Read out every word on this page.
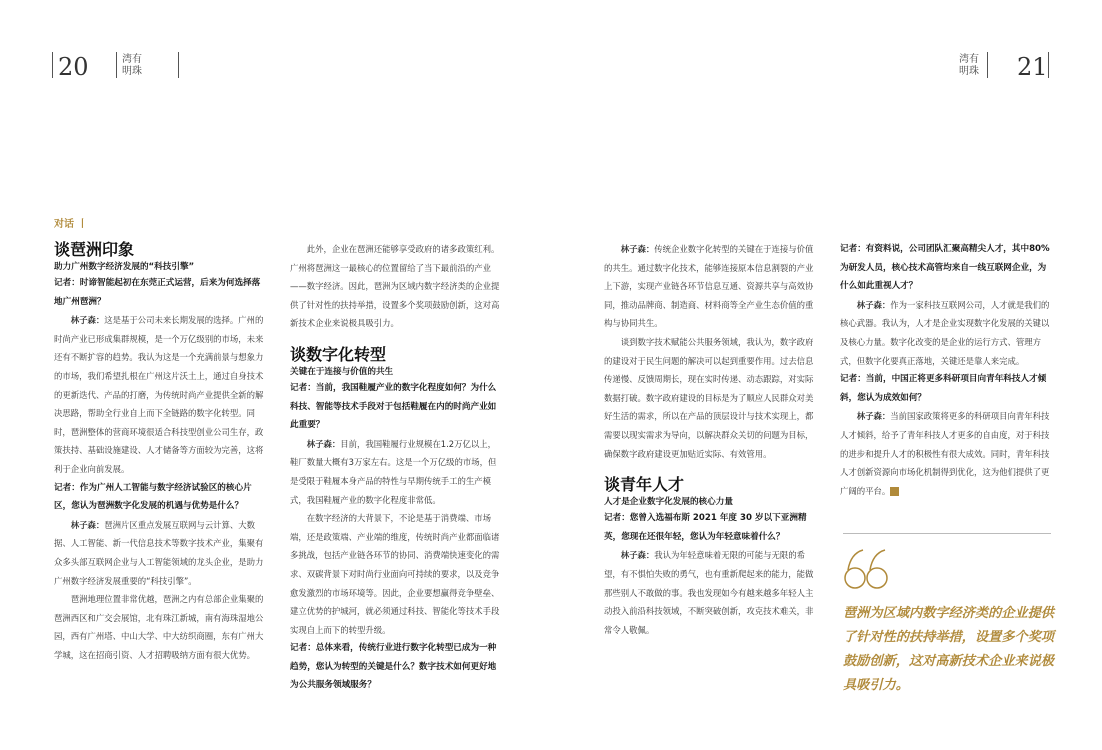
20	湾有
明珠
湾有
明珠 21
对话 丨
谈琶洲印象

助力广州数字经济发展的“科技引擎”

记者：时谛智能起初在东莞正式运营，后来为何选择落地广州琶洲？

林子森：这是基于公司未来长期发展的选择。广州的时尚产业已形成集群规模，是一个万亿级别的市场，未来还有不断扩容的趋势。我认为这是一个充满前景与想象力的市场，我们希望扎根在广州这片沃土上，通过自身技术的更新迭代、产品的打磨，为传统时尚产业提供全新的解决思路，帮助全行业自上而下全链路的数字化转型。同时，琶洲整体的营商环境很适合科技型创业公司生存，政策扶持、基础设施建设、人才储备等方面较为完善，这将利于企业向前发展。

记者：作为广州人工智能与数字经济试验区的核心片区，您认为琶洲数字化发展的机遇与优势是什么？

林子森：琶洲片区重点发展互联网与云计算、大数据、人工智能、新一代信息技术等数字技术产业，集聚有众多头部互联网企业与人工智能领域的龙头企业，是助力广州数字经济发展重要的“科技引擎”。

琶洲地理位置非常优越，琶洲之内有总部企业集聚的琶洲西区和广交会展馆，北有珠江新城，南有海珠湿地公园，西有广州塔、中山大学、中大纺织商圈，东有广州大学城，这在招商引资、人才招聘吸纳方面有很大优势。

此外，企业在琶洲还能够享受政府的诸多政策红利。广州将琶洲这一最核心的位置留给了当下最前沿的产业——数字经济。因此，琶洲为区域内数字经济类的企业提供了针对性的扶持举措，设置多个奖项鼓励创新，这对高新技术企业来说极具吸引力。

谈数字化转型

关键在于连接与价值的共生

记者：当前，我国鞋履产业的数字化程度如何？为什么科技、智能等技术手段对于包括鞋履在内的时尚产业如此重要？

林子森：目前，我国鞋履行业规模在1.2万亿以上，鞋厂数量大概有3万家左右。这是一个万亿级的市场，但是受限于鞋履本身产品的特性与早期传统手工的生产模式，我国鞋履产业的数字化程度非常低。

在数字经济的大背景下，不论是基于消费端、市场端，还是政策端、产业端的维度，传统时尚产业都面临诸多挑战，包括产业链各环节的协同、消费端快速变化的需求、双碳背景下对时尚行业面向可持续的要求，以及竞争愈发激烈的市场环境等。因此，企业要想赢得竞争壁垒、建立优势的护城河，就必须通过科技、智能化等技术手段实现自上而下的转型升级。

记者：总体来看，传统行业进行数字化转型已成为一种趋势，您认为转型的关键是什么？数字技术如何更好地为公共服务领域服务？

林子森：传统企业数字化转型的关键在于连接与价值的共生。通过数字化技术，能够连接原本信息割裂的产业上下游，实现产业链各环节信息互通、资源共享与高效协同，推动品牌商、制造商、材料商等全产业生态价值的重构与协同共生。

谈到数字技术赋能公共服务领域，我认为，数字政府的建设对于民生问题的解决可以起到重要作用。过去信息传递慢、反馈周期长，现在实时传递、动态跟踪，对实际数据打破。数字政府建设的目标是为了顺应人民群众对美好生活的需求，所以在产品的顶层设计与技术实现上，都需要以现实需求为导向，以解决群众关切的问题为目标，确保数字政府建设更加贴近实际、有效管用。

谈青年人才

人才是企业数字化发展的核心力量

记者：您曾入选福布斯 2021 年度 30 岁以下亚洲精英，您现在还很年轻，您认为年轻意味着什么？

林子森：我认为年轻意味着无限的可能与无限的希望，有不惧怕失败的勇气，也有重新爬起来的能力，能做那些别人不敢做的事。我也发现如今有越来越多年轻人主动投入前沿科技领域，不断突破创新，攻克技术难关，非常令人敬佩。

记者：有资料说，公司团队汇聚高精尖人才，其中80%为研发人员，核心技术高管均来自一线互联网企业，为什么如此重视人才？

林子森：作为一家科技互联网公司，人才就是我们的核心武器。我认为，人才是企业实现数字化发展的关键以及核心力量。数字化改变的是企业的运行方式、管理方式，但数字化要真正落地，关键还是靠人来完成。

记者：当前，中国正将更多科研项目向青年科技人才倾斜，您认为成效如何？

林子森：当前国家政策将更多的科研项目向青年科技人才倾斜，给予了青年科技人才更多的自由度，对于科技的进步和提升人才的积极性有很大成效。同时，青年科技人才创新资源向市场化机制得到优化，这为他们提供了更广阔的平台。 ■

琶洲为区域内数字经济类的企业提供了针对性的扶持举措，设置多个奖项鼓励创新，这对高新技术企业来说极具吸引力。
